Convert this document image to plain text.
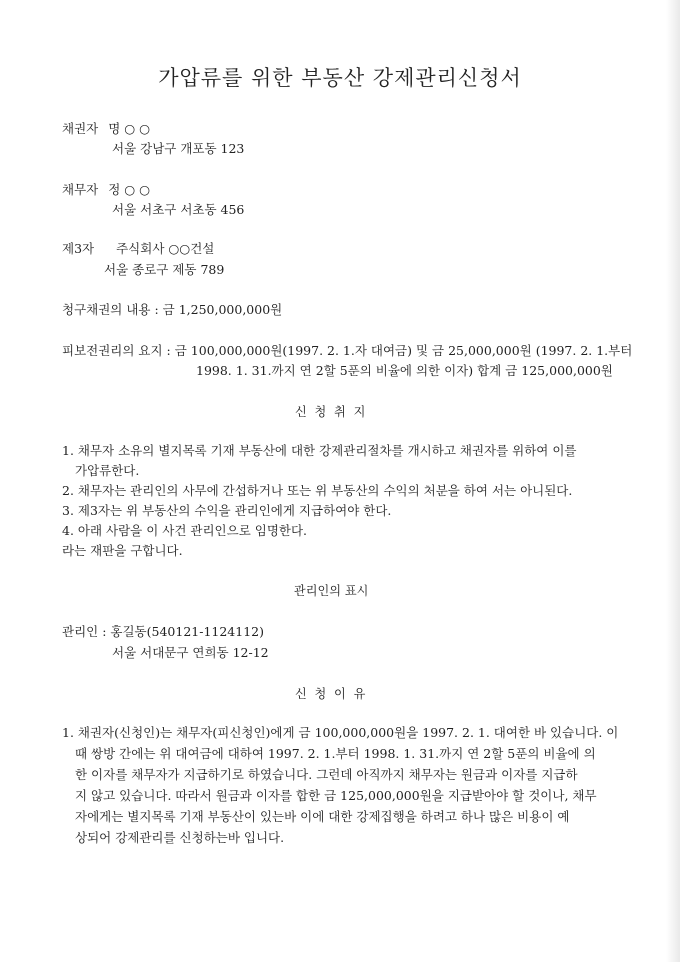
가압류를 위한 부동산 강제관리신청서
채권자 명 ○ ○
서울 강남구 개포동 123
채무자 정 ○ ○
서울 서초구 서초동 456
제3자 주식회사 ○○건설
서울 종로구 제동 789
청구채권의 내용 : 금 1,250,000,000원
피보전권리의 요지 : 금 100,000,000원(1997. 2. 1.자 대여금) 및 금 25,000,000원 (1997. 2. 1.부터
1998. 1. 31.까지 연 2할 5푼의 비율에 의한 이자) 합계 금 125,000,000원
신 청 취 지
1. 채무자 소유의 별지목록 기재 부동산에 대한 강제관리절차를 개시하고 채권자를 위하여 이를
가압류한다.
2. 채무자는 관리인의 사무에 간섭하거나 또는 위 부동산의 수익의 처분을 하여 서는 아니된다.
3. 제3자는 위 부동산의 수익을 관리인에게 지급하여야 한다.
4. 아래 사람을 이 사건 관리인으로 임명한다.
라는 재판을 구합니다.
관리인의 표시
관리인 : 홍길동(540121-1124112)
서울 서대문구 연희동 12-12
신 청 이 유
1. 채권자(신청인)는 채무자(피신청인)에게 금 100,000,000원을 1997. 2. 1. 대여한 바 있습니다. 이
때 쌍방 간에는 위 대여금에 대하여 1997. 2. 1.부터 1998. 1. 31.까지 연 2할 5푼의 비율에 의
한 이자를 채무자가 지급하기로 하였습니다. 그런데 아직까지 채무자는 원금과 이자를 지급하
지 않고 있습니다. 따라서 원금과 이자를 합한 금 125,000,000원을 지급받아야 할 것이나, 채무
자에게는 별지목록 기재 부동산이 있는바 이에 대한 강제집행을 하려고 하나 많은 비용이 예
상되어 강제관리를 신청하는바 입니다.
